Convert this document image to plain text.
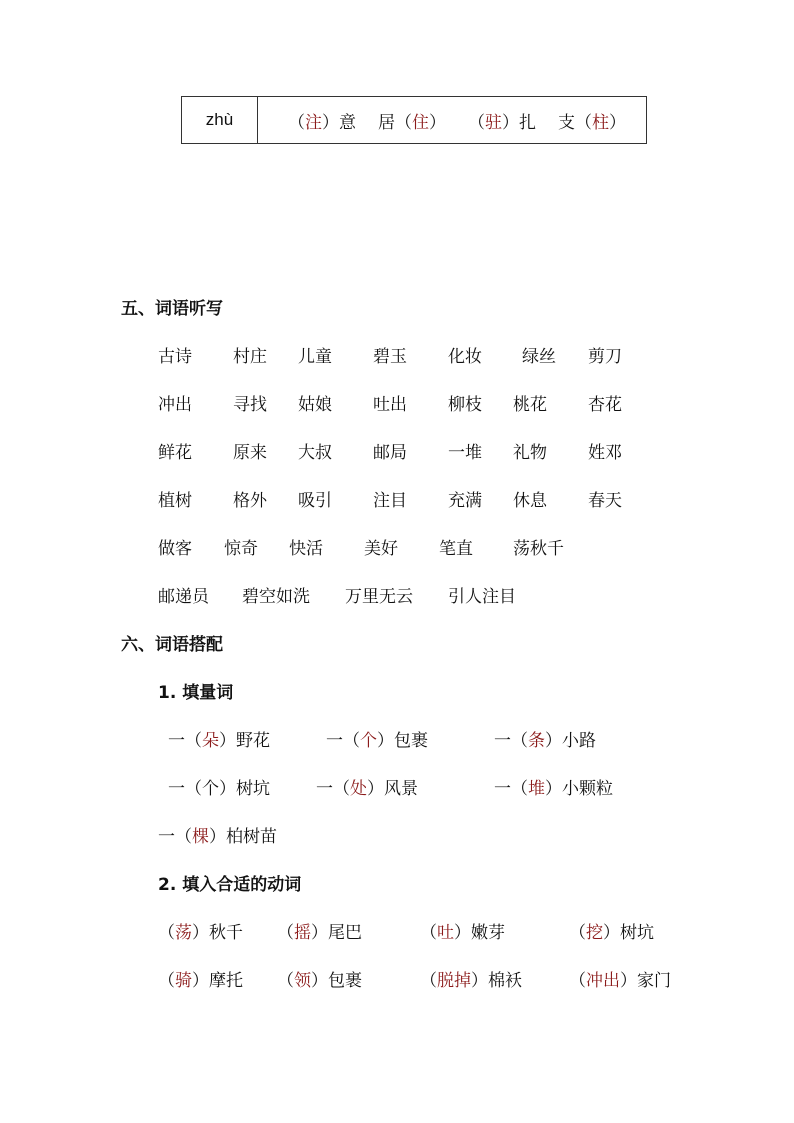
zhù	（注）意 居（住） （驻）扎 支（柱）
五、词语听写
古诗 村庄 儿童 碧玉 化妆 绿丝 剪刀
冲出 寻找 姑娘 吐出 柳枝 桃花 杏花
鲜花 原来 大叔 邮局 一堆 礼物 姓邓
植树 格外 吸引 注目 充满 休息 春天
做客 惊奇 快活 美好 笔直 荡秋千
邮递员 碧空如洗 万里无云 引人注目
六、词语搭配
1. 填量词
一（朵）野花	一（个）包裹	一（条）小路
一（个）树坑	一（处）风景	一（堆）小颗粒
一（棵）柏树苗
2. 填入合适的动词
（荡）秋千 （摇）尾巴	（吐）嫩芽	（挖）树坑
（骑）摩托 （领）包裹	（脱掉）棉袄	（冲出）家门
